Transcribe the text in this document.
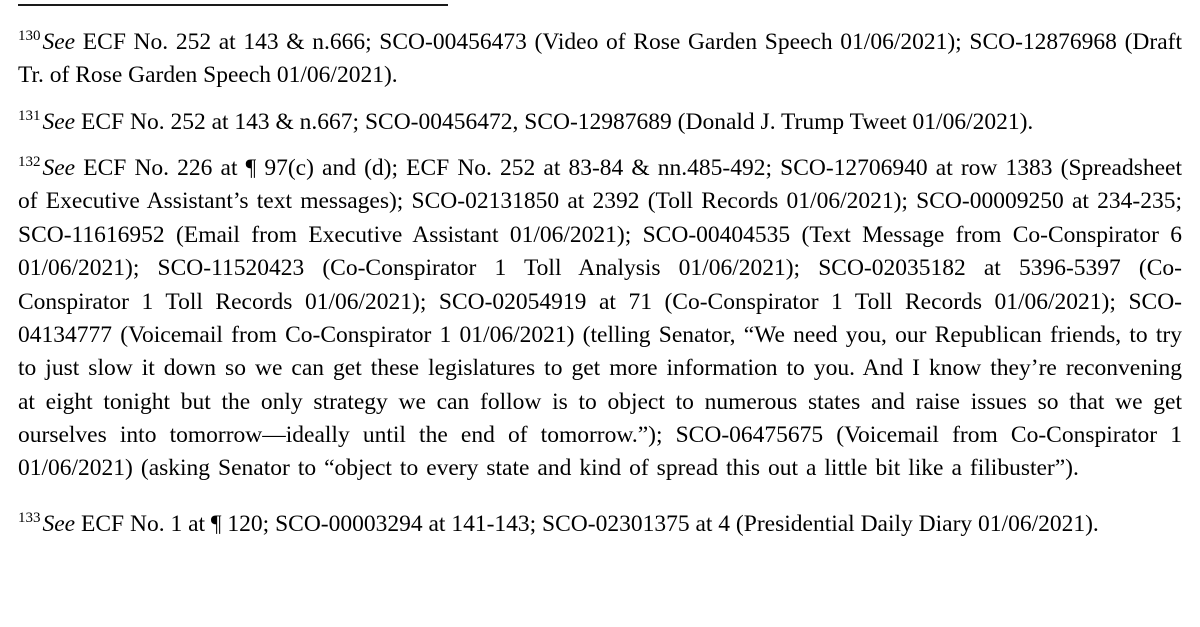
$^{130}$See ECF No. 252 at 143 & n.666; SCO-00456473 (Video of Rose Garden Speech 01/06/2021); SCO-12876968 (Draft Tr. of Rose Garden Speech 01/06/2021).

$^{131}$See ECF No. 252 at 143 & n.667; SCO-00456472, SCO-12987689 (Donald J. Trump Tweet 01/06/2021).

$^{132}$See ECF No. 226 at ¶ 97(c) and (d); ECF No. 252 at 83-84 & nn.485-492; SCO-12706940 at row 1383 (Spreadsheet of Executive Assistant’s text messages); SCO-02131850 at 2392 (Toll Records 01/06/2021); SCO-00009250 at 234-235; SCO-11616952 (Email from Executive Assistant 01/06/2021); SCO-00404535 (Text Message from Co-Conspirator 6 01/06/2021); SCO-11520423 (Co-Conspirator 1 Toll Analysis 01/06/2021); SCO-02035182 at 5396-5397 (Co-Conspirator 1 Toll Records 01/06/2021); SCO-02054919 at 71 (Co-Conspirator 1 Toll Records 01/06/2021); SCO-04134777 (Voicemail from Co-Conspirator 1 01/06/2021) (telling Senator, “We need you, our Republican friends, to try to just slow it down so we can get these legislatures to get more information to you. And I know they’re reconvening at eight tonight but the only strategy we can follow is to object to numerous states and raise issues so that we get ourselves into tomorrow—ideally until the end of tomorrow.”); SCO-06475675 (Voicemail from Co-Conspirator 1 01/06/2021) (asking Senator to “object to every state and kind of spread this out a little bit like a filibuster”).

$^{133}$See ECF No. 1 at ¶ 120; SCO-00003294 at 141-143; SCO-02301375 at 4 (Presidential Daily Diary 01/06/2021).
